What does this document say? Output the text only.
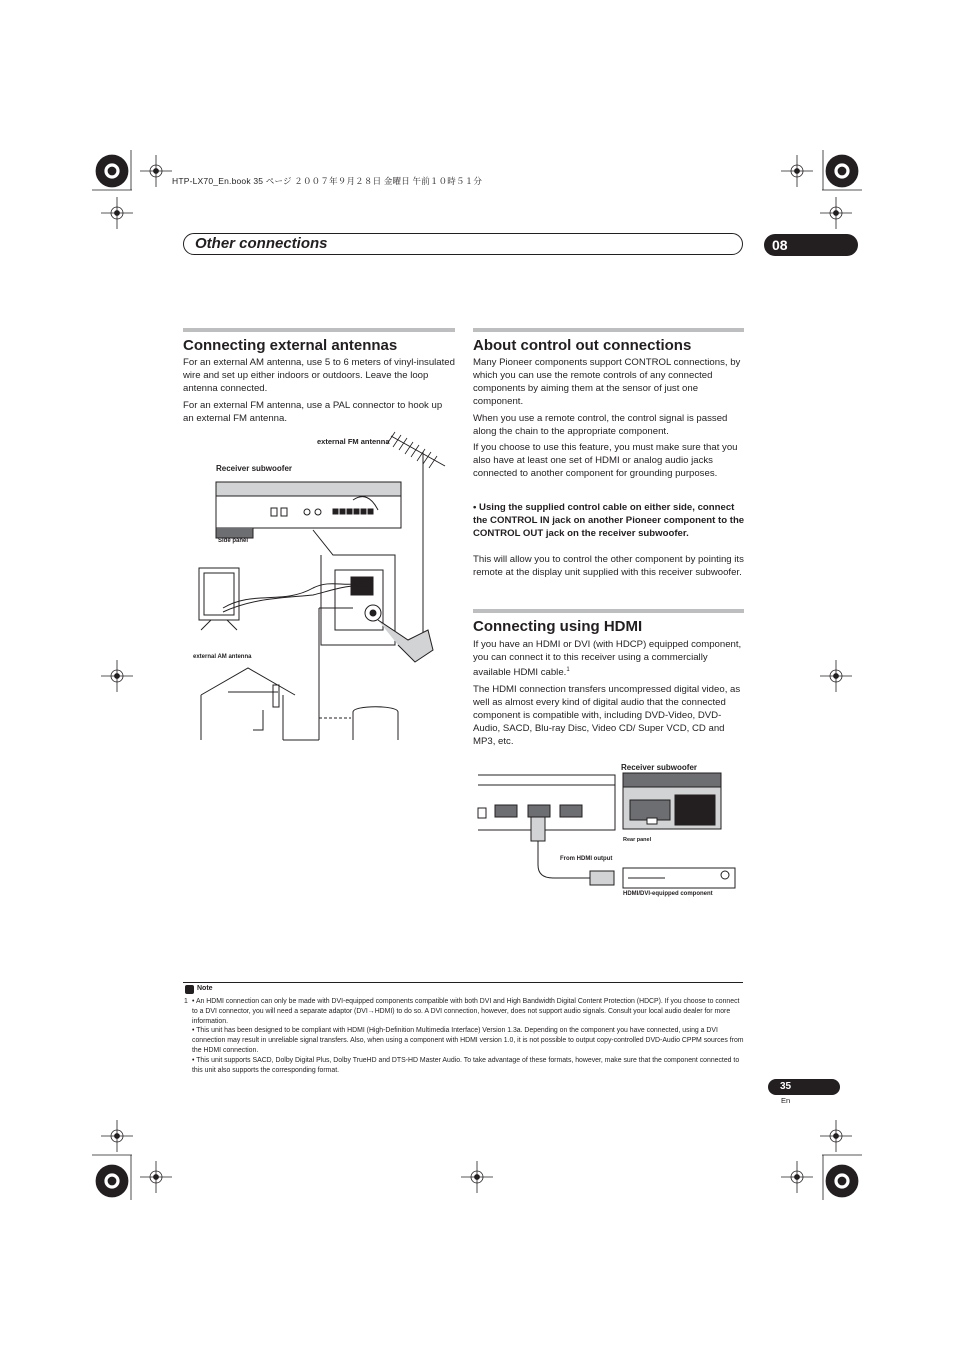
HTP-LX70_En.book 35 ページ ２００７年９月２８日 金曜日 午前１０時５１分
Other connections	08
Connecting external antennas
For an external AM antenna, use 5 to 6 meters of vinyl-insulated wire and set up either indoors or outdoors. Leave the loop antenna connected.
For an external FM antenna, use a PAL connector to hook up an external FM antenna.
external FM antenna
Receiver subwoofer
Side panel
external AM antenna
About control out connections
Many Pioneer components support CONTROL connections, by which you can use the remote controls of any connected components by aiming them at the sensor of just one component.
When you use a remote control, the control signal is passed along the chain to the appropriate component.
If you choose to use this feature, you must make sure that you also have at least one set of HDMI or analog audio jacks connected to another component for grounding purposes.
• Using the supplied control cable on either side, connect the CONTROL IN jack on another Pioneer component to the CONTROL OUT jack on the receiver subwoofer.
This will allow you to control the other component by pointing its remote at the display unit supplied with this receiver subwoofer.
Connecting using HDMI
If you have an HDMI or DVI (with HDCP) equipped component, you can connect it to this receiver using a commercially available HDMI cable.$^1$
The HDMI connection transfers uncompressed digital video, as well as almost every kind of digital audio that the connected component is compatible with, including DVD-Video, DVD-Audio, SACD, Blu-ray Disc, Video CD/ Super VCD, CD and MP3, etc.
Receiver subwoofer
Rear panel
From HDMI output
HDMI/DVI-equipped component
Note
1 • An HDMI connection can only be made with DVI-equipped components compatible with both DVI and High Bandwidth Digital Content Protection (HDCP). If you choose to connect to a DVI connector, you will need a separate adaptor (DVI→HDMI) to do so. A DVI connection, however, does not support audio signals. Consult your local audio dealer for more information.
• This unit has been designed to be compliant with HDMI (High-Definition Multimedia Interface) Version 1.3a. Depending on the component you have connected, using a DVI connection may result in unreliable signal transfers. Also, when using a component with HDMI version 1.0, it is not possible to output copy-controlled DVD-Audio CPPM sources from the HDMI connection.
• This unit supports SACD, Dolby Digital Plus, Dolby TrueHD and DTS-HD Master Audio. To take advantage of these formats, however, make sure that the component connected to this unit also supports the corresponding format.
35
En
